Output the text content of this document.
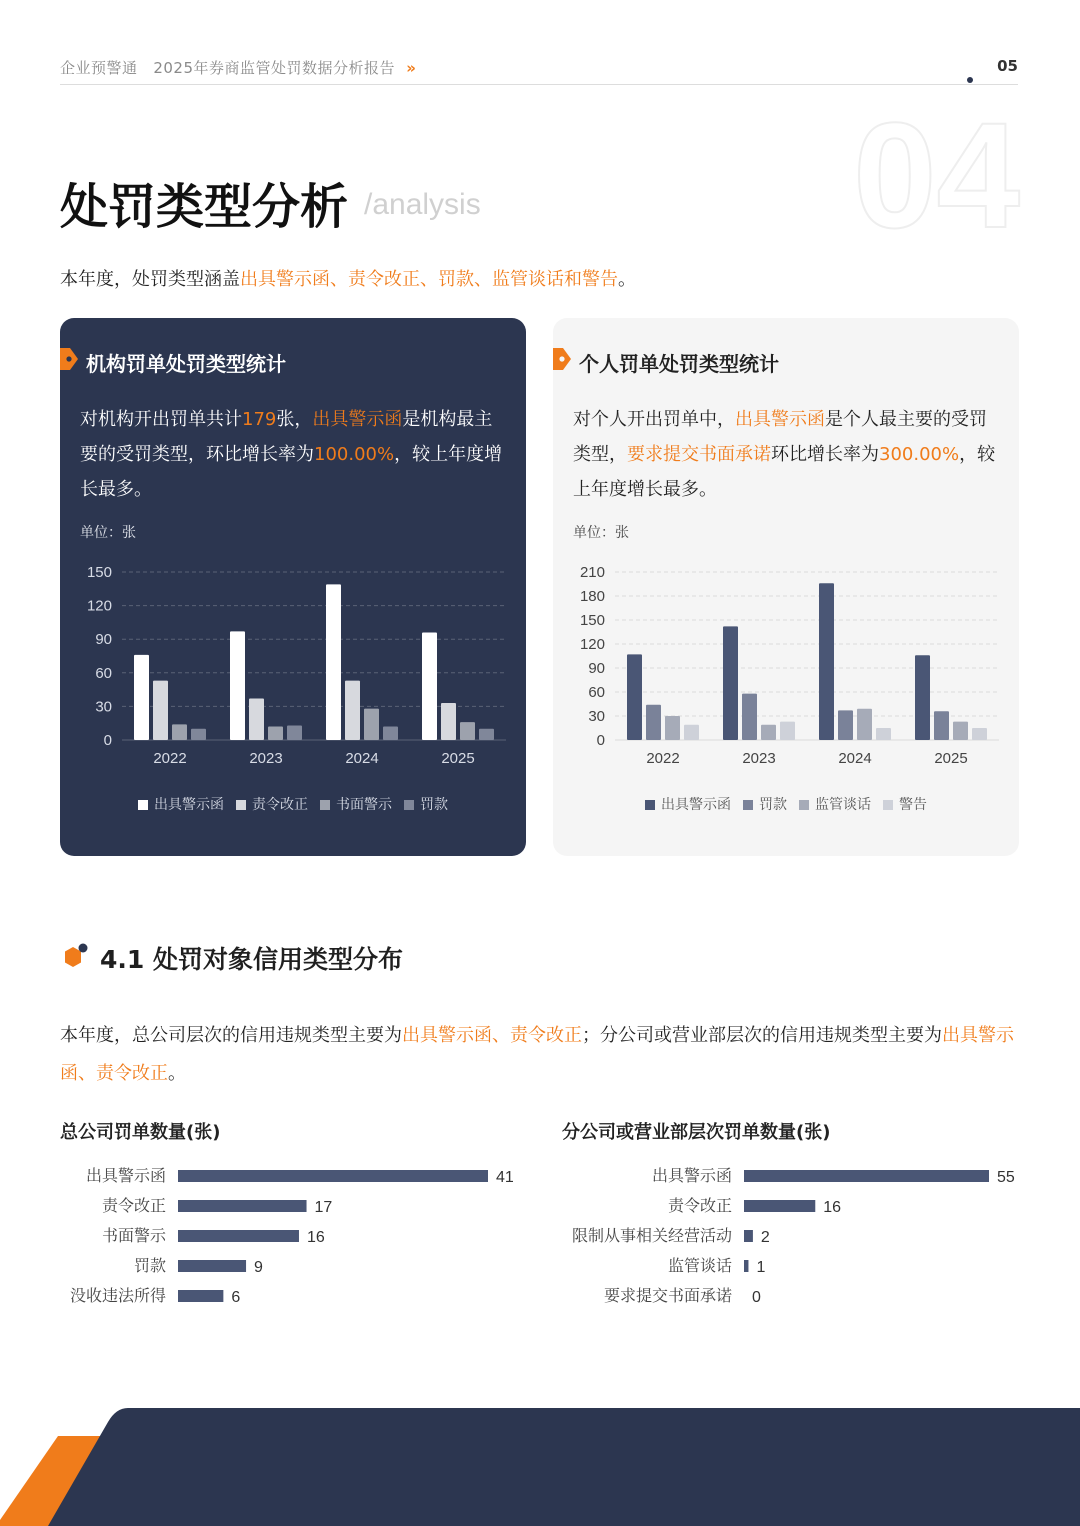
企业预警通 2025年券商监管处罚数据分析报告 »	05
04
处罚类型分析 /analysis
本年度，处罚类型涵盖出具警示函、责令改正、罚款、监管谈话和警告。
机构罚单处罚类型统计
对机构开出罚单共计179张，出具警示函是机构最主要的受罚类型，环比增长率为100.00%，较上年度增长最多。
单位：张
0
30
60
90
120
150
2022	2023	2024	2025
出具警示函 责令改正 书面警示 罚款
个人罚单处罚类型统计
对个人开出罚单中，出具警示函是个人最主要的受罚类型，要求提交书面承诺环比增长率为300.00%，较上年度增长最多。
单位：张
0
30
60
90
120
150
180
210
2022	2023	2024	2025
出具警示函 罚款 监管谈话 警告
4.1 处罚对象信用类型分布
本年度，总公司层次的信用违规类型主要为出具警示函、责令改正；分公司或营业部层次的信用违规类型主要为出具警示函、责令改正。
总公司罚单数量(张)
出具警示函	41
责令改正	17
书面警示	16
罚款	9
没收违法所得	6
分公司或营业部层次罚单数量(张)
出具警示函	55
责令改正	16
限制从事相关经营活动 2
监管谈话 1
要求提交书面承诺 0
